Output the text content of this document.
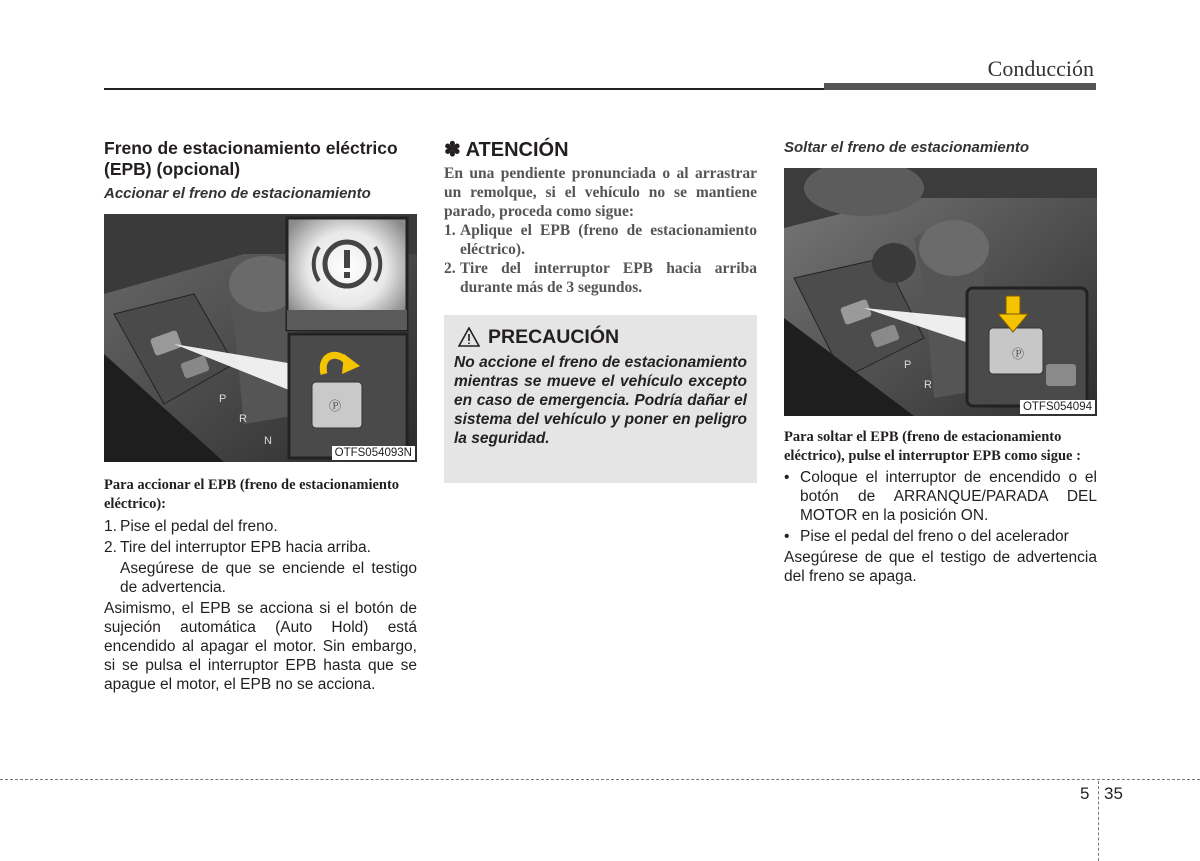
Conducción
Freno de estacionamiento eléctrico (EPB) (opcional)
Accionar el freno de estacionamiento
P
R
N
Ⓟ
OTFS054093N
Para accionar el EPB (freno de estacionamiento eléctrico):
1. Pise el pedal del freno.
2. Tire del interruptor EPB hacia arriba.
Asegúrese de que se enciende el testigo de advertencia.
Asimismo, el EPB se acciona si el botón de sujeción automática (Auto Hold) está encendido al apagar el motor. Sin embargo, si se pulsa el interruptor EPB hasta que se apague el motor, el EPB no se acciona.
✽ ATENCIÓN
En una pendiente pronunciada o al arrastrar un remolque, si el vehículo no se mantiene parado, proceda como sigue:
1. Aplique el EPB (freno de estacionamiento eléctrico).
2. Tire del interruptor EPB hacia arriba durante más de 3 segundos.
PRECAUCIÓN
No accione el freno de estacionamiento mientras se mueve el vehículo excepto en caso de emergencia. Podría dañar el sistema del vehículo y poner en peligro la seguridad.
Soltar el freno de estacionamiento
P
R
Ⓟ
OTFS054094
Para soltar el EPB (freno de estacionamiento eléctrico), pulse el interruptor EPB como sigue :
• Coloque el interruptor de encendido o el botón de ARRANQUE/PARADA DEL MOTOR en la posición ON.
• Pise el pedal del freno o del acelerador
Asegúrese de que el testigo de advertencia del freno se apaga.
5 35
